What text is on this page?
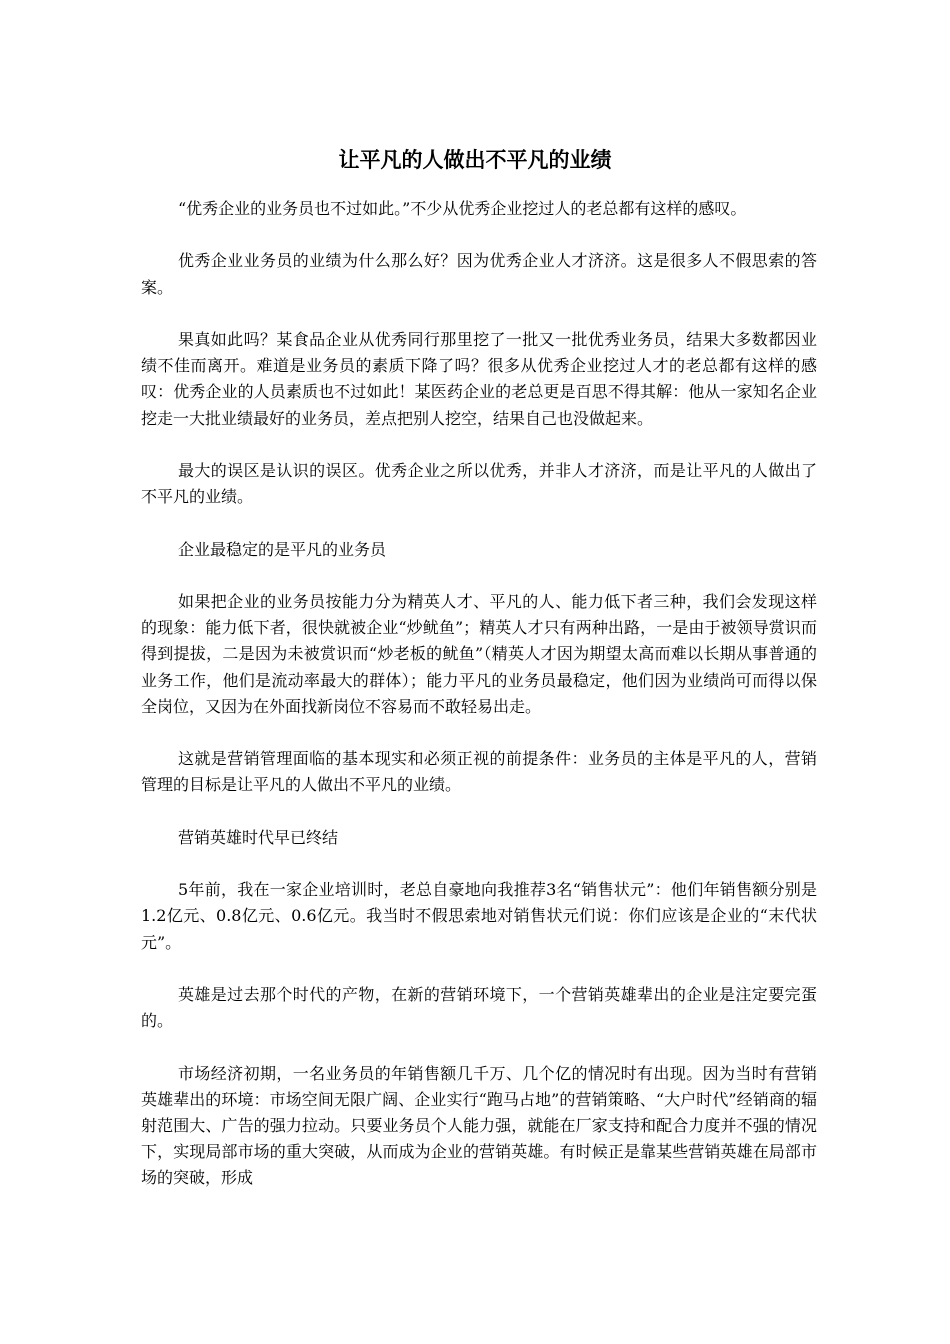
让平凡的人做出不平凡的业绩

“优秀企业的业务员也不过如此。”不少从优秀企业挖过人的老总都有这样的感叹。

优秀企业业务员的业绩为什么那么好？因为优秀企业人才济济。这是很多人不假思索的答案。

果真如此吗？某食品企业从优秀同行那里挖了一批又一批优秀业务员，结果大多数都因业绩不佳而离开。难道是业务员的素质下降了吗？很多从优秀企业挖过人才的老总都有这样的感叹：优秀企业的人员素质也不过如此！某医药企业的老总更是百思不得其解：他从一家知名企业挖走一大批业绩最好的业务员，差点把别人挖空，结果自己也没做起来。

最大的误区是认识的误区。优秀企业之所以优秀，并非人才济济，而是让平凡的人做出了不平凡的业绩。

企业最稳定的是平凡的业务员

如果把企业的业务员按能力分为精英人才、平凡的人、能力低下者三种，我们会发现这样的现象：能力低下者，很快就被企业“炒鱿鱼”；精英人才只有两种出路，一是由于被领导赏识而得到提拔，二是因为未被赏识而“炒老板的鱿鱼”（精英人才因为期望太高而难以长期从事普通的业务工作，他们是流动率最大的群体）；能力平凡的业务员最稳定，他们因为业绩尚可而得以保全岗位，又因为在外面找新岗位不容易而不敢轻易出走。

这就是营销管理面临的基本现实和必须正视的前提条件：业务员的主体是平凡的人，营销管理的目标是让平凡的人做出不平凡的业绩。

营销英雄时代早已终结

5年前，我在一家企业培训时，老总自豪地向我推荐3名“销售状元”：他们年销售额分别是1.2亿元、0.8亿元、0.6亿元。我当时不假思索地对销售状元们说：你们应该是企业的“末代状元”。

英雄是过去那个时代的产物，在新的营销环境下，一个营销英雄辈出的企业是注定要完蛋的。

市场经济初期，一名业务员的年销售额几千万、几个亿的情况时有出现。因为当时有营销英雄辈出的环境：市场空间无限广阔、企业实行“跑马占地”的营销策略、“大户时代”经销商的辐射范围大、广告的强力拉动。只要业务员个人能力强，就能在厂家支持和配合力度并不强的情况下，实现局部市场的重大突破，从而成为企业的营销英雄。有时候正是靠某些营销英雄在局部市场的突破，形成
